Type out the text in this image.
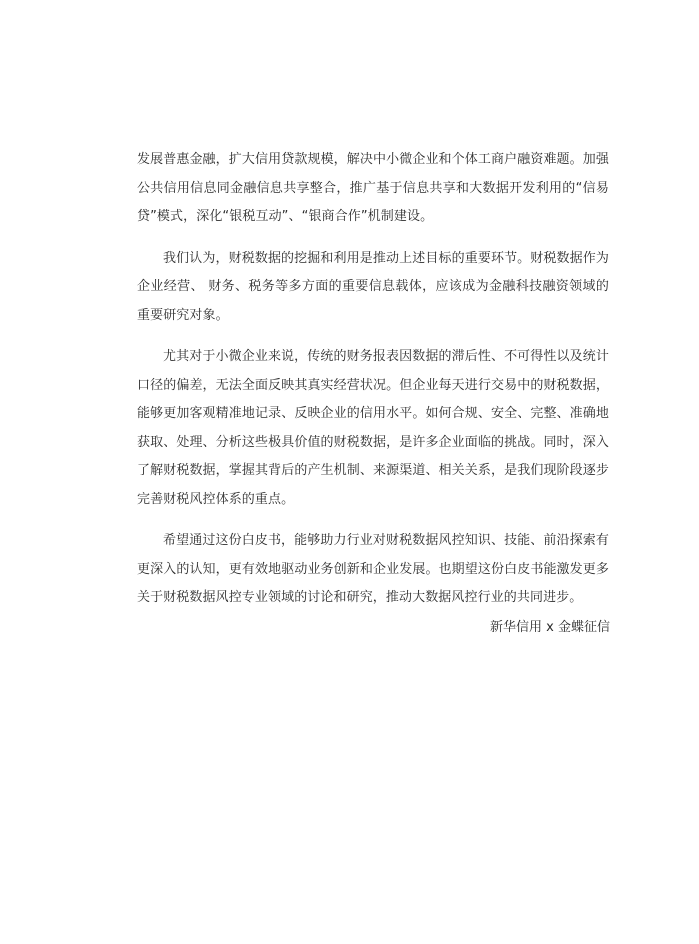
发展普惠金融，扩大信用贷款规模，解决中小微企业和个体工商户融资难题。加强公共信用信息同金融信息共享整合，推广基于信息共享和大数据开发利用的“信易贷”模式，深化“银税互动”、“银商合作”机制建设。

我们认为，财税数据的挖掘和利用是推动上述目标的重要环节。财税数据作为企业经营、 财务、税务等多方面的重要信息载体，应该成为金融科技融资领域的重要研究对象。

尤其对于小微企业来说，传统的财务报表因数据的滞后性、不可得性以及统计口径的偏差，无法全面反映其真实经营状况。但企业每天进行交易中的财税数据，能够更加客观精准地记录、反映企业的信用水平。如何合规、安全、完整、准确地获取、处理、分析这些极具价值的财税数据，是许多企业面临的挑战。同时，深入了解财税数据，掌握其背后的产生机制、来源渠道、相关关系，是我们现阶段逐步完善财税风控体系的重点。

希望通过这份白皮书，能够助力行业对财税数据风控知识、技能、前沿探索有更深入的认知，更有效地驱动业务创新和企业发展。也期望这份白皮书能激发更多关于财税数据风控专业领域的讨论和研究，推动大数据风控行业的共同进步。

新华信用 x 金蝶征信
